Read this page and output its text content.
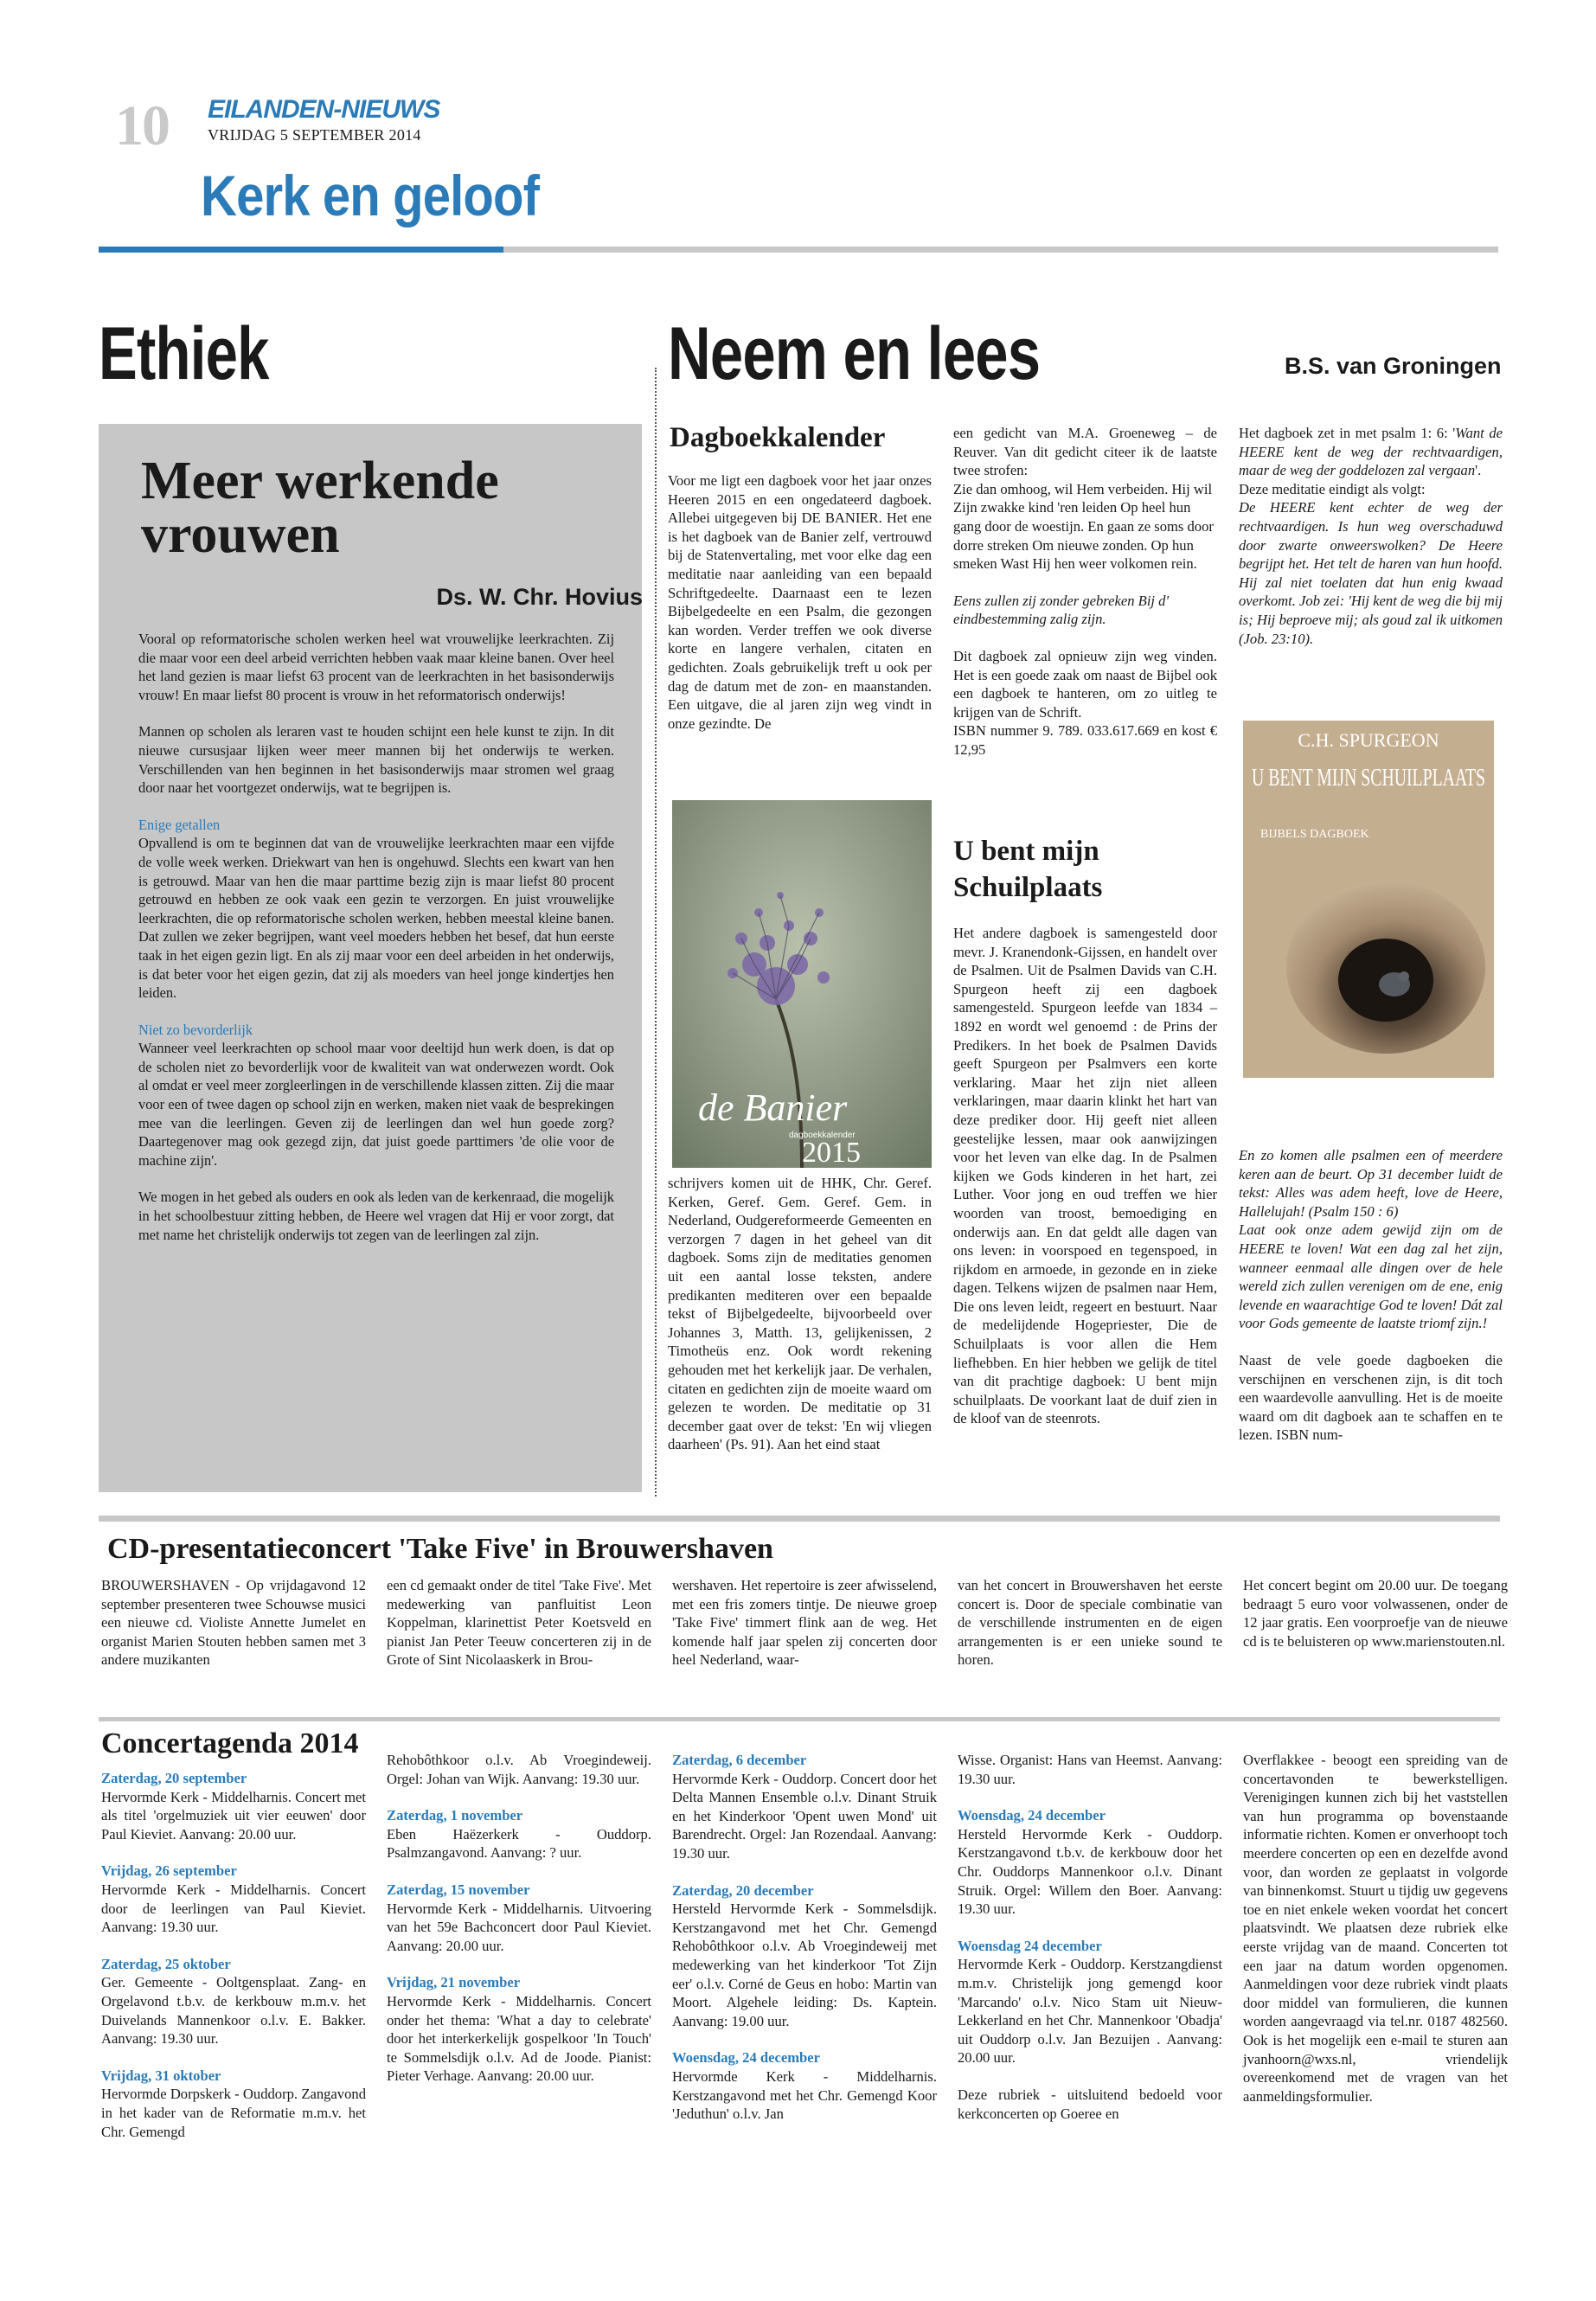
10 EILANDEN-NIEUWS
VRIJDAG 5 SEPTEMBER 2014
Kerk en geloof
Ethiek	Neem en lees	B.S. van Groningen
Meer werkende vrouwen
Ds. W. Chr. Hovius

Vooral op reformatorische scholen werken heel wat vrouwelijke leerkrachten. Zij die maar voor een deel arbeid verrichten hebben vaak maar kleine banen. Over heel het land gezien is maar liefst 63 procent van de leerkrachten in het basisonderwijs vrouw! En maar liefst 80 procent is vrouw in het reformatorisch onderwijs!

Mannen op scholen als leraren vast te houden schijnt een hele kunst te zijn. In dit nieuwe cursusjaar lijken weer meer mannen bij het onderwijs te werken. Verschillenden van hen beginnen in het basisonderwijs maar stromen wel graag door naar het voortgezet onderwijs, wat te begrijpen is.

Enige getallen

Opvallend is om te beginnen dat van de vrouwelijke leerkrachten maar een vijfde de volle week werken. Driekwart van hen is ongehuwd. Slechts een kwart van hen is getrouwd. Maar van hen die maar parttime bezig zijn is maar liefst 80 procent getrouwd en hebben ze ook vaak een gezin te verzorgen. En juist vrouwelijke leerkrachten, die op reformatorische scholen werken, hebben meestal kleine banen. Dat zullen we zeker begrijpen, want veel moeders hebben het besef, dat hun eerste taak in het eigen gezin ligt. En als zij maar voor een deel arbeiden in het onderwijs, is dat beter voor het eigen gezin, dat zij als moeders van heel jonge kindertjes hen leiden.

Niet zo bevorderlijk

Wanneer veel leerkrachten op school maar voor deeltijd hun werk doen, is dat op de scholen niet zo bevorderlijk voor de kwaliteit van wat onderwezen wordt. Ook al omdat er veel meer zorgleerlingen in de verschillende klassen zitten. Zij die maar voor een of twee dagen op school zijn en werken, maken niet vaak de besprekingen mee van die leerlingen. Geven zij de leerlingen dan wel hun goede zorg? Daartegenover mag ook gezegd zijn, dat juist goede parttimers 'de olie voor de machine zijn'.

We mogen in het gebed als ouders en ook als leden van de kerkenraad, die mogelijk in het schoolbestuur zitting hebben, de Heere wel vragen dat Hij er voor zorgt, dat met name het christelijk onderwijs tot zegen van de leerlingen zal zijn.

Dagboekkalender

Voor me ligt een dagboek voor het jaar onzes Heeren 2015 en een ongedateerd dagboek. Allebei uitgegeven bij DE BANIER. Het ene is het dagboek van de Banier zelf, vertrouwd bij de Statenvertaling, met voor elke dag een meditatie naar aanleiding van een bepaald Schriftgedeelte. Daarnaast een te lezen Bijbelgedeelte en een Psalm, die gezongen kan worden. Verder treffen we ook diverse korte en langere verhalen, citaten en gedichten. Zoals gebruikelijk treft u ook per dag de datum met de zon- en maanstanden. Een uitgave, die al jaren zijn weg vindt in onze gezindte. De

de Banier
dagboekkalender
2015

schrijvers komen uit de HHK, Chr. Geref. Kerken, Geref. Gem. Geref. Gem. in Nederland, Oudgereformeerde Gemeenten en verzorgen 7 dagen in het geheel van dit dagboek. Soms zijn de meditaties genomen uit een aantal losse teksten, andere predikanten mediteren over een bepaalde tekst of Bijbelgedeelte, bijvoorbeeld over Johannes 3, Matth. 13, gelijkenissen, 2 Timotheüs enz. Ook wordt rekening gehouden met het kerkelijk jaar. De verhalen, citaten en gedichten zijn de moeite waard om gelezen te worden. De meditatie op 31 december gaat over de tekst: 'En wij vliegen daarheen' (Ps. 91). Aan het eind staat

een gedicht van M.A. Groeneweg – de Reuver. Van dit gedicht citeer ik de laatste twee strofen:

Zie dan omhoog, wil Hem verbeiden. Hij wil Zijn zwakke kind 'ren leiden Op heel hun gang door de woestijn. En gaan ze soms door dorre streken Om nieuwe zonden. Op hun smeken Wast Hij hen weer volkomen rein.

Eens zullen zij zonder gebreken Bij d' eindbestemming zalig zijn.

Dit dagboek zal opnieuw zijn weg vinden. Het is een goede zaak om naast de Bijbel ook een dagboek te hanteren, om zo uitleg te krijgen van de Schrift.

ISBN nummer 9. 789. 033.617.669 en kost € 12,95

U bent mijn Schuilplaats

Het andere dagboek is samengesteld door mevr. J. Kranendonk-Gijssen, en handelt over de Psalmen. Uit de Psalmen Davids van C.H. Spurgeon heeft zij een dagboek samengesteld. Spurgeon leefde van 1834 – 1892 en wordt wel genoemd : de Prins der Predikers. In het boek de Psalmen Davids geeft Spurgeon per Psalmvers een korte verklaring. Maar het zijn niet alleen verklaringen, maar daarin klinkt het hart van deze prediker door. Hij geeft niet alleen geestelijke lessen, maar ook aanwijzingen voor het leven van elke dag. In de Psalmen kijken we Gods kinderen in het hart, zei Luther. Voor jong en oud treffen we hier woorden van troost, bemoediging en onderwijs aan. En dat geldt alle dagen van ons leven: in voorspoed en tegenspoed, in rijkdom en armoede, in gezonde en in zieke dagen. Telkens wijzen de psalmen naar Hem, Die ons leven leidt, regeert en bestuurt. Naar de medelijdende Hogepriester, Die de Schuilplaats is voor allen die Hem liefhebben. En hier hebben we gelijk de titel van dit prachtige dagboek: U bent mijn schuilplaats. De voorkant laat de duif zien in de kloof van de steenrots.

Het dagboek zet in met psalm 1: 6: 'Want de HEERE kent de weg der rechtvaardigen, maar de weg der goddelozen zal vergaan'.

Deze meditatie eindigt als volgt:

De HEERE kent echter de weg der rechtvaardigen. Is hun weg overschaduwd door zwarte onweerswolken? De Heere begrijpt het. Het telt de haren van hun hoofd. Hij zal niet toelaten dat hun enig kwaad overkomt. Job zei: 'Hij kent de weg die bij mij is; Hij beproeve mij; als goud zal ik uitkomen (Job. 23:10).

C.H. SPURGEON
U BENT MIJN SCHUILPLAATS
BIJBELS DAGBOEK

En zo komen alle psalmen een of meerdere keren aan de beurt. Op 31 december luidt de tekst: Alles was adem heeft, love de Heere, Hallelujah! (Psalm 150 : 6)

Laat ook onze adem gewijd zijn om de HEERE te loven! Wat een dag zal het zijn, wanneer eenmaal alle dingen over de hele wereld zich zullen verenigen om de ene, enig levende en waarachtige God te loven! Dát zal voor Gods gemeente de laatste triomf zijn.!

Naast de vele goede dagboeken die verschijnen en verschenen zijn, is dit toch een waardevolle aanvulling. Het is de moeite waard om dit dagboek aan te schaffen en te lezen. ISBN num-

CD-presentatieconcert 'Take Five' in Brouwershaven
BROUWERSHAVEN - Op vrijdagavond 12 september presenteren twee Schouwse musici een nieuwe cd. Violiste Annette Jumelet en organist Marien Stouten hebben samen met 3 andere muzikanten
een cd gemaakt onder de titel 'Take Five'. Met medewerking van panfluitist Leon Koppelman, klarinettist Peter Koetsveld en pianist Jan Peter Teeuw concerteren zij in de Grote of Sint Nicolaaskerk in Brou-
wershaven. Het repertoire is zeer afwisselend, met een fris zomers tintje. De nieuwe groep 'Take Five' timmert flink aan de weg. Het komende half jaar spelen zij concerten door heel Nederland, waar-
van het concert in Brouwershaven het eerste concert is. Door de speciale combinatie van de verschillende instrumenten en de eigen arrangementen is er een unieke sound te horen.
Het concert begint om 20.00 uur. De toegang bedraagt 5 euro voor volwassenen, onder de 12 jaar gratis. Een voorproefje van de nieuwe cd is te beluisteren op www.marienstouten.nl.
Concertagenda 2014
Zaterdag, 20 september
Hervormde Kerk - Middelharnis. Concert met als titel 'orgelmuziek uit vier eeuwen' door Paul Kieviet. Aanvang: 20.00 uur.
Vrijdag, 26 september
Hervormde Kerk - Middelharnis. Concert door de leerlingen van Paul Kieviet. Aanvang: 19.30 uur.
Zaterdag, 25 oktober
Ger. Gemeente - Ooltgensplaat. Zang- en Orgelavond t.b.v. de kerkbouw m.m.v. het Duivelands Mannenkoor o.l.v. E. Bakker. Aanvang: 19.30 uur.
Vrijdag, 31 oktober
Hervormde Dorpskerk - Ouddorp. Zangavond in het kader van de Reformatie m.m.v. het Chr. Gemengd
Rehobôthkoor o.l.v. Ab Vroegindeweij. Orgel: Johan van Wijk. Aanvang: 19.30 uur.
Zaterdag, 1 november
Eben Haëzerkerk - Ouddorp. Psalmzangavond. Aanvang: ? uur.
Zaterdag, 15 november
Hervormde Kerk - Middelharnis. Uitvoering van het 59e Bachconcert door Paul Kieviet. Aanvang: 20.00 uur.
Vrijdag, 21 november
Hervormde Kerk - Middelharnis. Concert onder het thema: 'What a day to celebrate' door het interkerkelijk gospelkoor 'In Touch' te Sommelsdijk o.l.v. Ad de Joode. Pianist: Pieter Verhage. Aanvang: 20.00 uur.
Zaterdag, 6 december
Hervormde Kerk - Ouddorp. Concert door het Delta Mannen Ensemble o.l.v. Dinant Struik en het Kinderkoor 'Opent uwen Mond' uit Barendrecht. Orgel: Jan Rozendaal. Aanvang: 19.30 uur.
Zaterdag, 20 december
Hersteld Hervormde Kerk - Sommelsdijk. Kerstzangavond met het Chr. Gemengd Rehobôthkoor o.l.v. Ab Vroegindeweij met medewerking van het kinderkoor 'Tot Zijn eer' o.l.v. Corné de Geus en hobo: Martin van Moort. Algehele leiding: Ds. Kaptein. Aanvang: 19.00 uur.
Woensdag, 24 december
Hervormde Kerk - Middelharnis. Kerstzangavond met het Chr. Gemengd Koor 'Jeduthun' o.l.v. Jan
Wisse. Organist: Hans van Heemst. Aanvang: 19.30 uur.
Woensdag, 24 december
Hersteld Hervormde Kerk - Ouddorp. Kerstzangavond t.b.v. de kerkbouw door het Chr. Ouddorps Mannenkoor o.l.v. Dinant Struik. Orgel: Willem den Boer. Aanvang: 19.30 uur.
Woensdag 24 december
Hervormde Kerk - Ouddorp. Kerstzangdienst m.m.v. Christelijk jong gemengd koor 'Marcando' o.l.v. Nico Stam uit Nieuw-Lekkerland en het Chr. Mannenkoor 'Obadja' uit Ouddorp o.l.v. Jan Bezuijen . Aanvang: 20.00 uur.
Deze rubriek - uitsluitend bedoeld voor kerkconcerten op Goeree en
Overflakkee - beoogt een spreiding van de concertavonden te bewerkstelligen. Verenigingen kunnen zich bij het vaststellen van hun programma op bovenstaande informatie richten. Komen er onverhoopt toch meerdere concerten op een en dezelfde avond voor, dan worden ze geplaatst in volgorde van binnenkomst. Stuurt u tijdig uw gegevens toe en niet enkele weken voordat het concert plaatsvindt. We plaatsen deze rubriek elke eerste vrijdag van de maand. Concerten tot een jaar na datum worden opgenomen. Aanmeldingen voor deze rubriek vindt plaats door middel van formulieren, die kunnen worden aangevraagd via tel.nr. 0187 482560. Ook is het mogelijk een e-mail te sturen aan jvanhoorn@wxs.nl, vriendelijk overeenkomend met de vragen van het aanmeldingsformulier.
